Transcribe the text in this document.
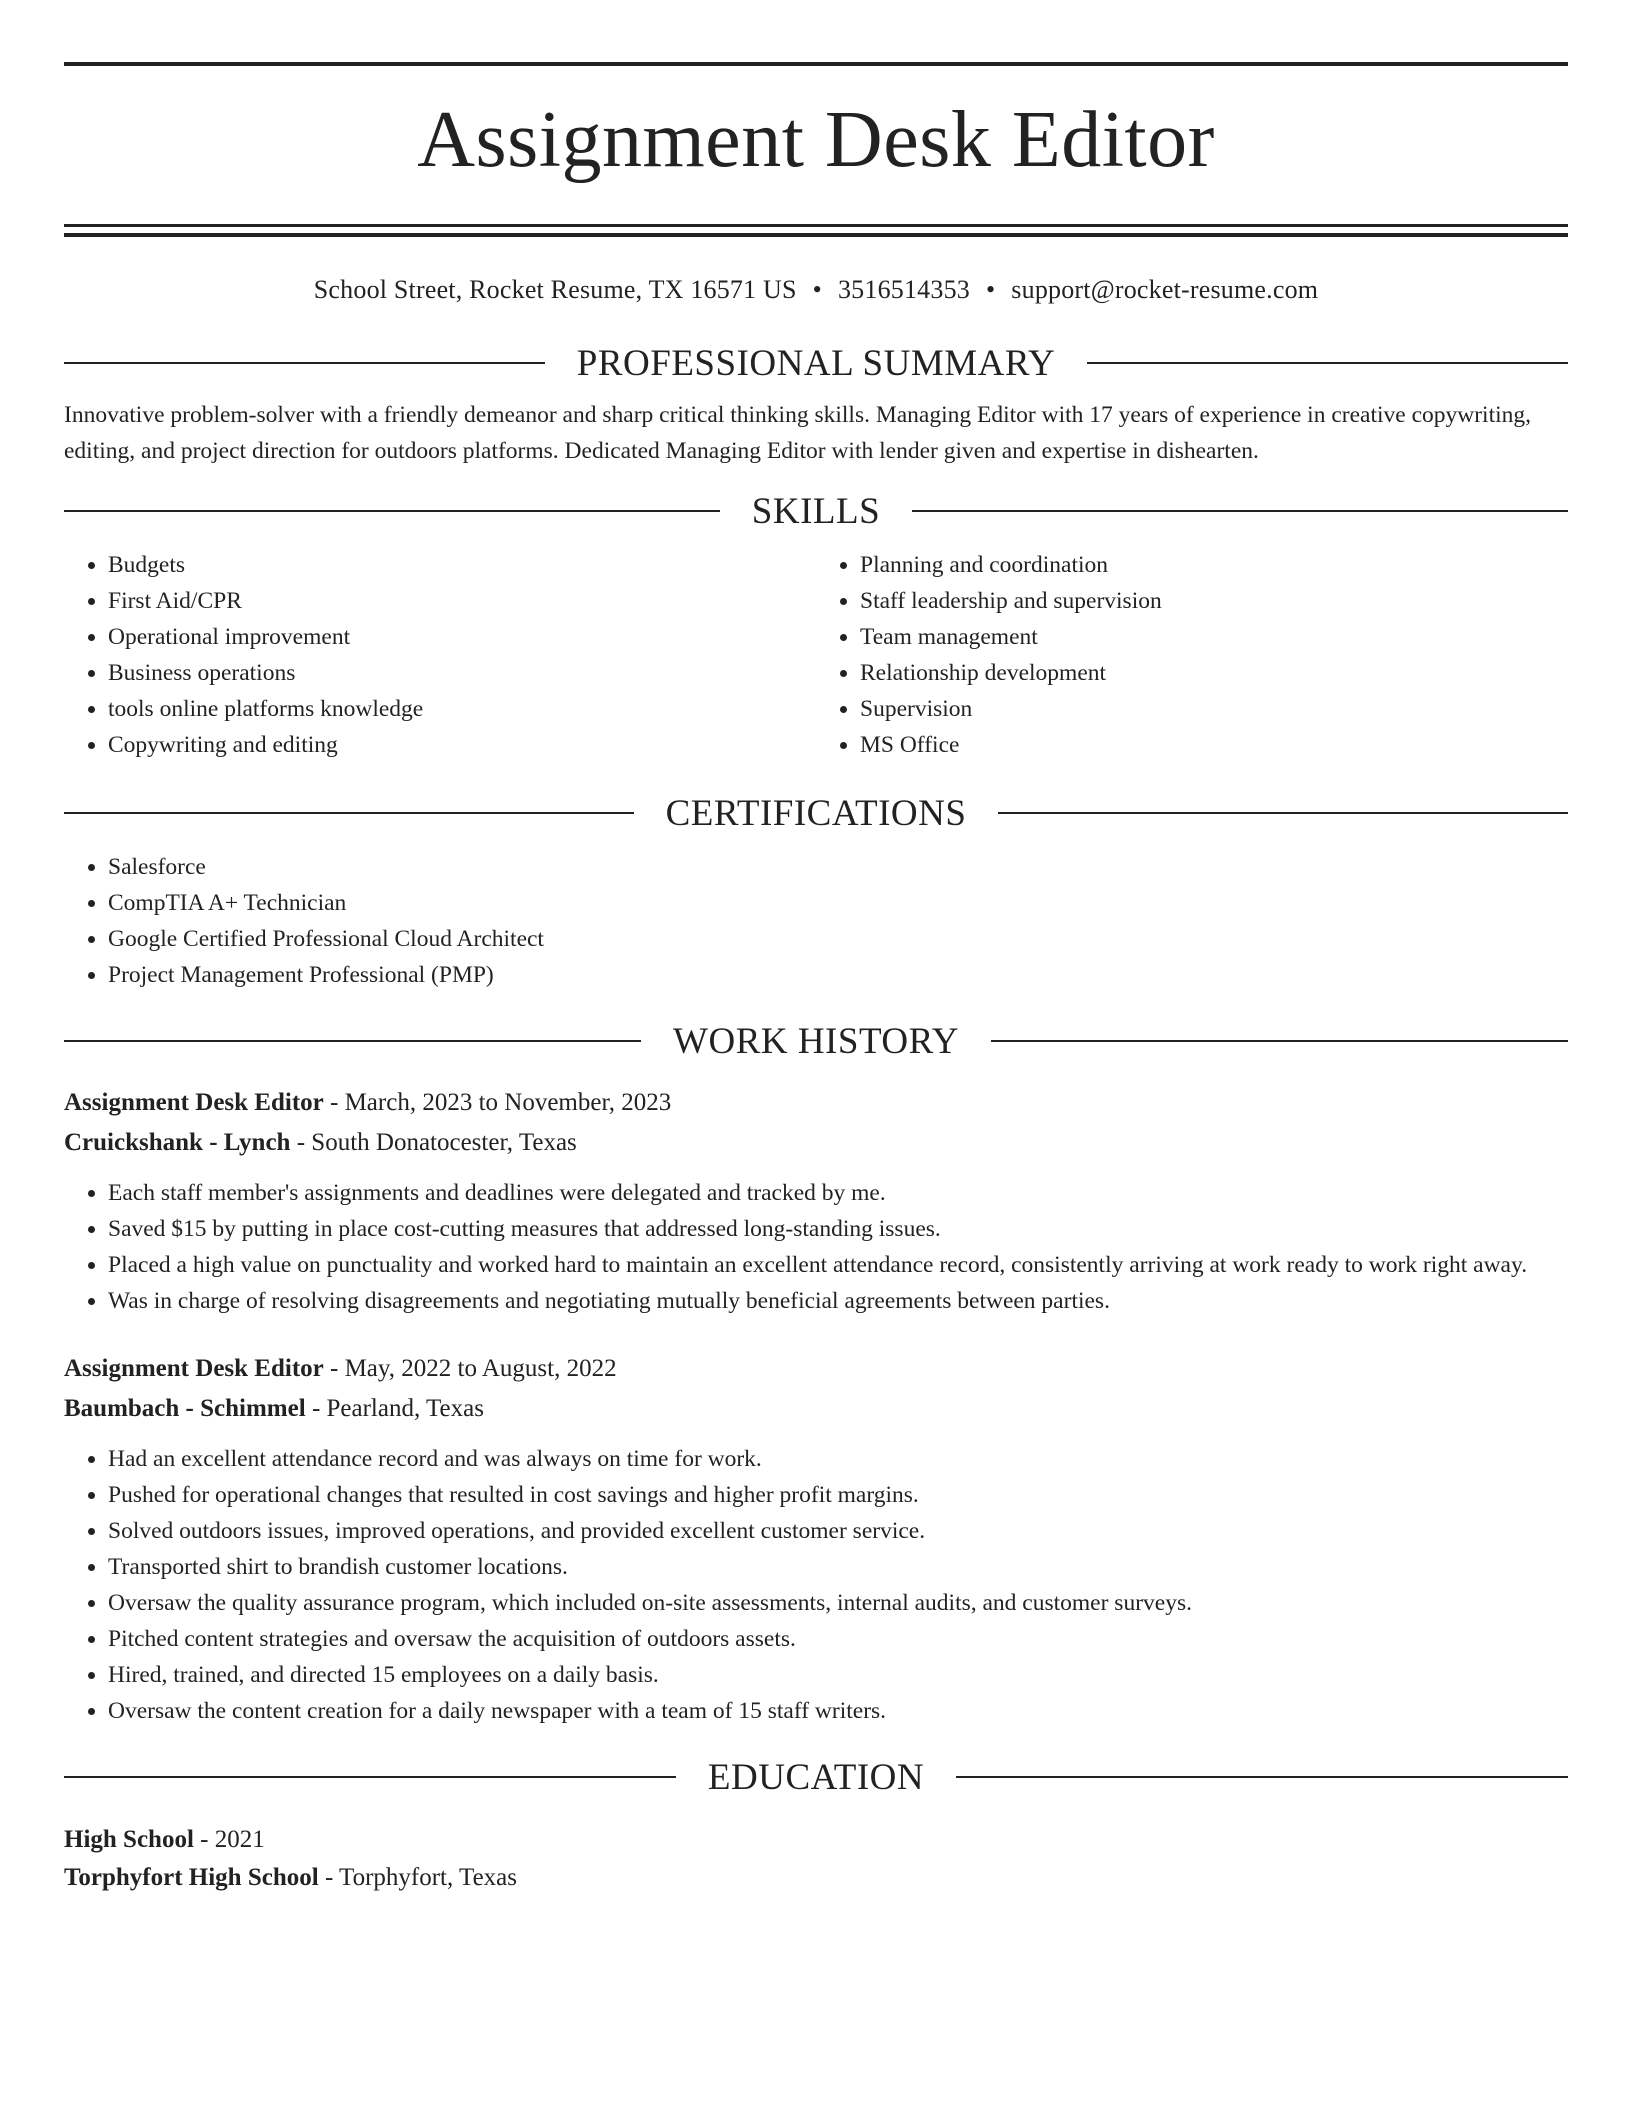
Assignment Desk Editor
School Street, Rocket Resume, TX 16571 US • 3516514353 • support@rocket-resume.com
PROFESSIONAL SUMMARY

Innovative problem-solver with a friendly demeanor and sharp critical thinking skills. Managing Editor with 17 years of experience in creative copywriting, editing, and project direction for outdoors platforms. Dedicated Managing Editor with lender given and expertise in dishearten.

SKILLS
• Budgets
• First Aid/CPR
• Operational improvement
• Business operations
• tools online platforms knowledge
• Copywriting and editing
• Planning and coordination
• Staff leadership and supervision
• Team management
• Relationship development
• Supervision
• MS Office
CERTIFICATIONS
• Salesforce
• CompTIA A+ Technician
• Google Certified Professional Cloud Architect
• Project Management Professional (PMP)
WORK HISTORY
Assignment Desk Editor - March, 2023 to November, 2023
Cruickshank - Lynch - South Donatocester, Texas
• Each staff member's assignments and deadlines were delegated and tracked by me.
• Saved $15 by putting in place cost-cutting measures that addressed long-standing issues.
• Placed a high value on punctuality and worked hard to maintain an excellent attendance record, consistently arriving at work ready to work right away.
• Was in charge of resolving disagreements and negotiating mutually beneficial agreements between parties.
Assignment Desk Editor - May, 2022 to August, 2022
Baumbach - Schimmel - Pearland, Texas
• Had an excellent attendance record and was always on time for work.
• Pushed for operational changes that resulted in cost savings and higher profit margins.
• Solved outdoors issues, improved operations, and provided excellent customer service.
• Transported shirt to brandish customer locations.
• Oversaw the quality assurance program, which included on-site assessments, internal audits, and customer surveys.
• Pitched content strategies and oversaw the acquisition of outdoors assets.
• Hired, trained, and directed 15 employees on a daily basis.
• Oversaw the content creation for a daily newspaper with a team of 15 staff writers.
EDUCATION
High School - 2021
Torphyfort High School - Torphyfort, Texas
